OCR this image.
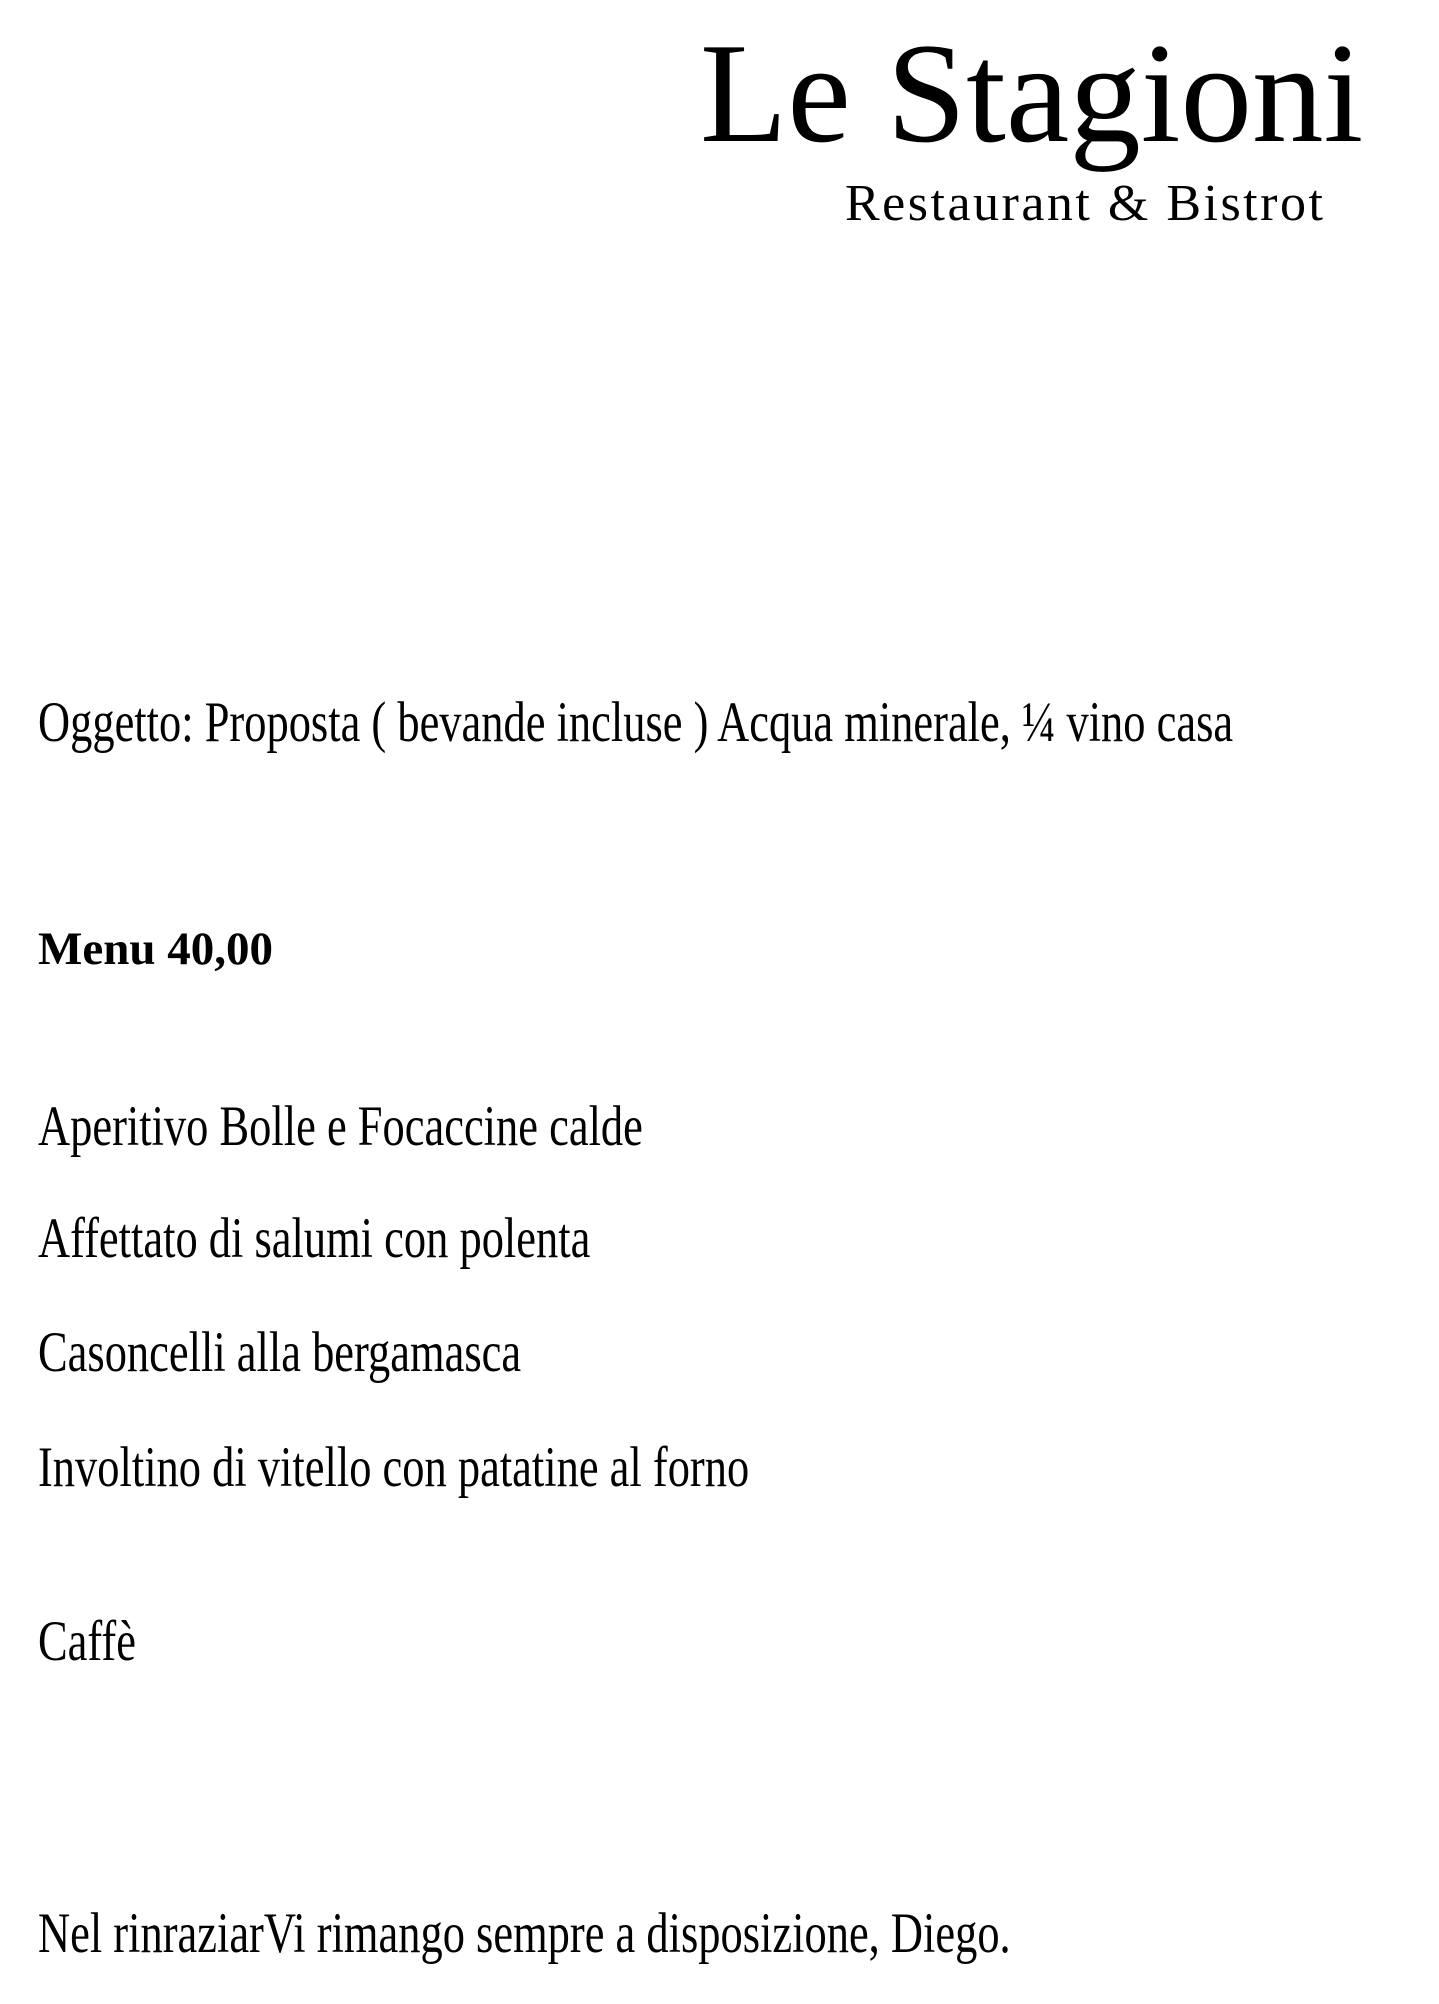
Le Stagioni
Restaurant & Bistrot
Oggetto: Proposta ( bevande incluse ) Acqua minerale, ¼ vino casa
Menu 40,00
Aperitivo Bolle e Focaccine calde
Affettato di salumi con polenta
Casoncelli alla bergamasca
Involtino di vitello con patatine al forno
Caffè
Nel rinraziarVi rimango sempre a disposizione, Diego.
